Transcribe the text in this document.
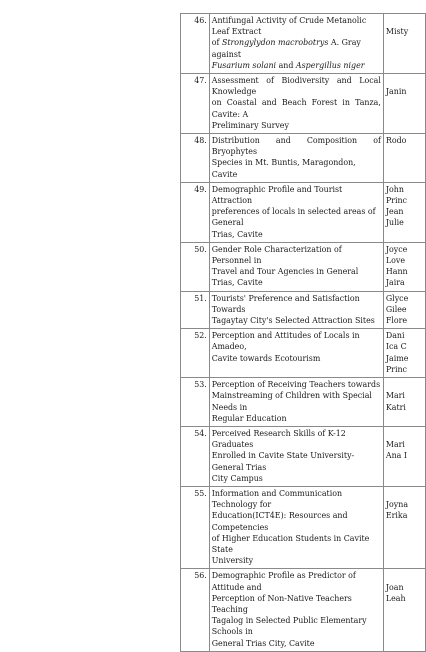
46.	Antifungal Activity of Crude Metanolic Leaf Extract
of Strongylydon macrobotrys A. Gray against
Fusarium solani and Aspergillus niger	Misty

47.	Assessment of Biodiversity and Local Knowledge
on Coastal and Beach Forest in Tanza, Cavite: A
Preliminary Survey	Janin

48.	Distribution and Composition of Bryophytes
Species in Mt. Buntis, Maragondon, Cavite	Rodo

49.	Demographic Profile and Tourist Attraction
preferences of locals in selected areas of General
Trias, Cavite	John
Princ
Jean
Julie

50.	Gender Role Characterization of Personnel in
Travel and Tour Agencies in General Trias, Cavite	Joyce
Love
Hann
Jaira

51.	Tourists' Preference and Satisfaction Towards
Tagaytay City's Selected Attraction Sites	Glyce
Gilee
Flore

52.	Perception and Attitudes of Locals in Amadeo,
Cavite towards Ecotourism	Dani
Ica C
Jaime
Princ

53.	Perception of Receiving Teachers towards
Mainstreaming of Children with Special Needs in
Regular Education	Mari
Katri

54.	Perceived Research Skills of K-12 Graduates
Enrolled in Cavite State University-General Trias
City Campus	Mari
Ana I

55.	Information and Communication Technology for
Education(ICT4E): Resources and Competencies
of Higher Education Students in Cavite State
University	Joyna
Erika

56.	Demographic Profile as Predictor of Attitude and
Perception of Non-Native Teachers Teaching
Tagalog in Selected Public Elementary Schools in
General Trias City, Cavite	Joan
Leah
